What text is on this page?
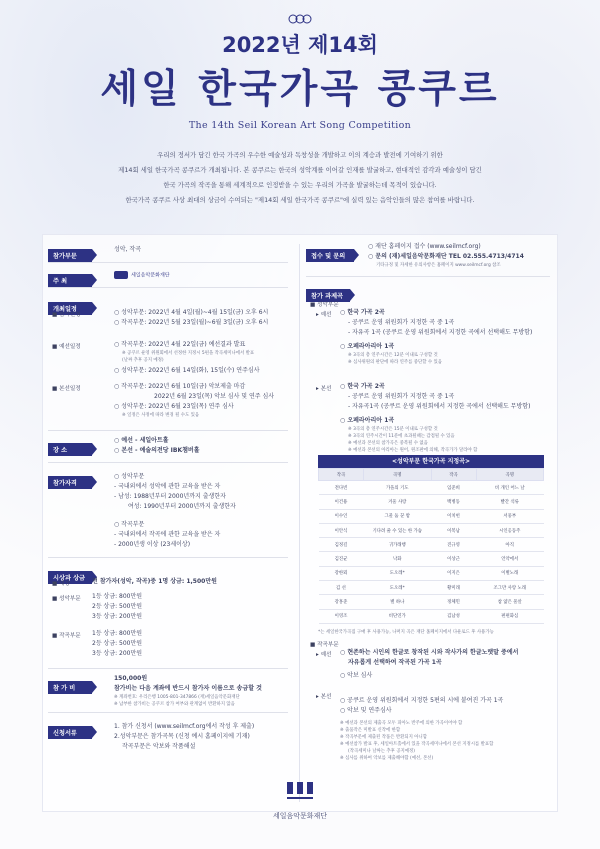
2022년 제14회
세일 한국가곡 콩쿠르
The 14th Seil Korean Art Song Competition

우리의 정서가 담긴 한국 가곡의 우수한 예술성과 독창성을 개발하고 이의 계승과 발전에 기여하기 위한

제14회 세일 한국가곡 콩쿠르가 개최됩니다. 본 콩쿠르는 한국의 성악계를 이어갈 인재를 발굴하고, 현대적인 감각과 예술성이 담긴

한국 가곡의 작곡을 통해 세계적으로 인정받을 수 있는 우리의 가곡을 발굴하는데 목적이 있습니다.

한국가곡 콩쿠르 사상 최대의 상금이 수여되는 "제14회 세일 한국가곡 콩쿠르"에 실력 있는 음악인들의 많은 참여를 바랍니다.

참가부문
성악, 작곡
주 최
세일음악문화재단
개최일정
■ 참가신청	○ 성악부문: 2022년 4월 4일(월)~4월 15일(금) 오후 6시
○ 작곡부문: 2022년 5월 23일(월)~6월 3일(금) 오후 6시
■ 예선일정	○ 작곡부문: 2022년 4월 22일(금) 예선결과 발표
※ 공쿠르 운영 위원회에서 선정한 지정시 5편을 작곡세미나에서 발표
(날짜 추후 공지 예정)
○ 성악부문: 2022년 6월 14일(화), 15일(수) 연주심사
■ 본선일정	○ 작곡부문: 2022년 6월 10일(금) 악보제출 마감
2022년 6월 23일(목) 악보 심사 및 연주 심사
○ 성악부문: 2022년 6월 23일(목) 연주 심사
※ 일정은 사정에 따라 변경 될 수도 있음
장 소
○ 예선 - 세일아트홀
○ 본선 - 예술의전당 IBK챔버홀
참가자격
○ 성악부문
- 국내외에서 성악에 관한 교육을 받은 자
- 남성: 1988년부터 2000년까지 출생한자
여성: 1990년부터 2000년까지 출생한자
○ 작곡부문
- 국내외에서 작곡에 관한 교육을 받은 자
- 2000년생 이상 (23세이상)
시상과 상금
■ 대상	전 참가자(성악, 작곡)중 1명 상금: 1,500만원
■ 성악부문 1등 상금: 800만원
2등 상금: 500만원
3등 상금: 200만원
■ 작곡부문 1등 상금: 800만원
2등 상금: 500만원
3등 상금: 200만원
참 가 비
150,000원
참가비는 다음 계좌에 반드시 참가자 이름으로 송금할 것
※ 계좌번호: 우리은행 1005-801-347866 (재)세일음악문화재단
※ 납부한 참가비는 공쿠르 참가 여부와 관계없이 반환하지 않음
신청서류
1. 참가 신청서 (www.seilmcf.org에서 작성 후 제출)
2.성악부문은 참가곡목 (신청 예시 홈페이지에 기재)
작곡부문은 악보와 작품해설
접수 및 문의
○ 재단 홈페이지 접수 (www.seilmcf.org)
○ 문의 (재)세일음악문화재단 TEL 02.555.4713/4714
기타규정 및 자세한 유의사항은 홈페이지 www.seilmcf.org 참조
참가 과제곡
■ 성악부문
▸ 예선 ○ 한국 가곡 2곡
- 공쿠르 운영 위원회가 지정한 곡 중 1곡
- 자유곡 1곡 (공쿠르 운영 위원회에서 지정한 곡에서 선택해도 무방함)
○ 오페라아리아 1곡
※ 3곡의 총 연주시간은 12분 이내로 구성할 것
※ 심사위원의 판단에 따라 연주를 중단할 수 있음
▸ 본선 ○ 한국 가곡 2곡
- 공쿠르 운영 위원회가 지정한 곡 중 1곡
- 자유곡1곡 (공쿠르 운영 위원회에서 지정한 곡에서 선택해도 무방함)
○ 오페라아리아 1곡
※ 3곡의 총 연주시간은 15분 이내로 구성할 것
※ 3곡의 연주시간이 11분에 초과될때는 감점될 수 있음
※ 예선과 본선의 참가곡은 중복될 수 없음
※ 예선과 본선의 아리아는 원어, 원조판에 의해, 작곡가가 달라야 함
<성악부문 한국가곡 지정곡>
작곡	곡명	작곡	곡명
전다빈	가을의 기도	임준희	비 개인 어느 날
이건용	겨울 사랑	백병동	빨간 석류
이수인	그물 둠 꾼 밤	이치헌	서풍부
이안식	기다려 줄 수 있는 한 가슴	이복남	시인옹동주
김정길	귀가래행	진규영	아직
김진균	낙화	이상근	언약에서
강한뫼	도오레*	이지은	이별노래
김 선	도오레*	황미래	조그만 사랑 노래
강홍준	별 하나	정체민	참 얇은 물살
이영조	비단연가	김남성	편편화심
*는 세일한국가곡집 구매 후 사용가능, 나머지 곡은 재단 홈페이지에서 다운로드 후 사용가능
■ 작곡부문
▸ 예선 ○ 현존하는 시인의 한글로 창작된 시와 작사가의 한글노랫말 중에서
자유롭게 선택하여 작곡된 가곡 1곡
○ 악보 심사
▸ 본선 ○ 공쿠르 운영 위원회에서 지정한 5편의 시에 붙여진 가곡 1곡
○ 악보 및 연주심사
※ 예선과 본선의 제출곡 모두 피아노 반주에 의한 가곡이어야 함
※ 출품작은 미발표 신작에 한함
※ 작곡부문에 제출된 작품은 반환되지 아니함
※ 예선참가 발표 후, 세일아트홀에서 있을 작곡세미나에서 본선 지정시를 발표함
(작곡세미나 날짜는 추후 공지예정)
※ 심사를 위하여 악보를 제출해야함 (예선, 본선)
세일음악문화재단
